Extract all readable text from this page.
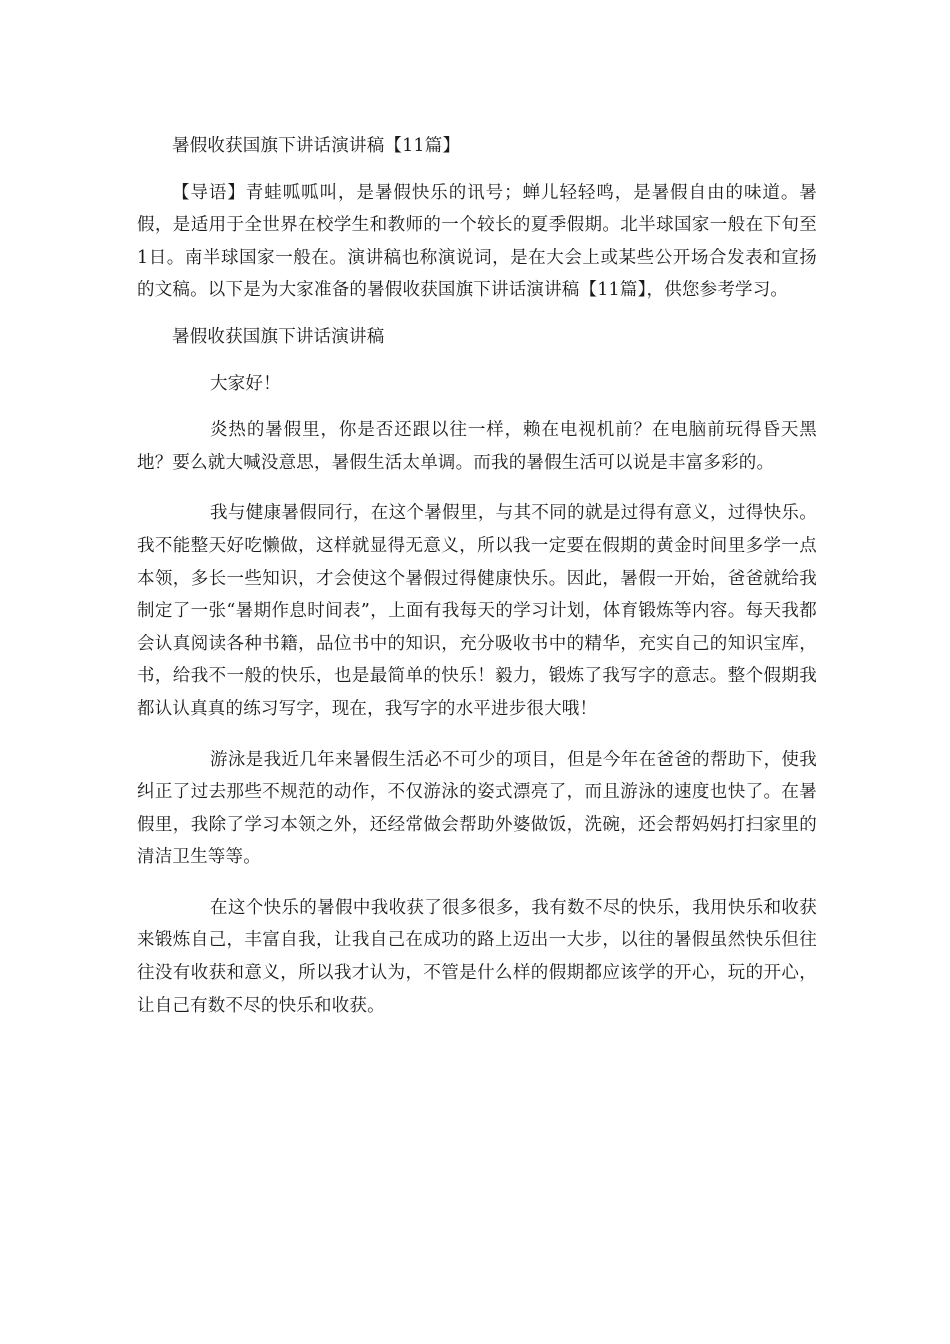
暑假收获国旗下讲话演讲稿【11篇】

【导语】青蛙呱呱叫，是暑假快乐的讯号；蝉儿轻轻鸣，是暑假自由的味道。暑假，是适用于全世界在校学生和教师的一个较长的夏季假期。北半球国家一般在下旬至1日。南半球国家一般在。演讲稿也称演说词，是在大会上或某些公开场合发表和宣扬的文稿。以下是为大家准备的暑假收获国旗下讲话演讲稿【11篇】，供您参考学习。

暑假收获国旗下讲话演讲稿

大家好！

炎热的暑假里，你是否还跟以往一样，赖在电视机前？在电脑前玩得昏天黑地？要么就大喊没意思，暑假生活太单调。而我的暑假生活可以说是丰富多彩的。

我与健康暑假同行，在这个暑假里，与其不同的就是过得有意义，过得快乐。我不能整天好吃懒做，这样就显得无意义，所以我一定要在假期的黄金时间里多学一点本领，多长一些知识，才会使这个暑假过得健康快乐。因此，暑假一开始，爸爸就给我制定了一张“暑期作息时间表”，上面有我每天的学习计划，体育锻炼等内容。每天我都会认真阅读各种书籍，品位书中的知识，充分吸收书中的精华，充实自己的知识宝库，书，给我不一般的快乐，也是最简单的快乐！毅力，锻炼了我写字的意志。整个假期我都认认真真的练习写字，现在，我写字的水平进步很大哦！

游泳是我近几年来暑假生活必不可少的项目，但是今年在爸爸的帮助下，使我纠正了过去那些不规范的动作，不仅游泳的姿式漂亮了，而且游泳的速度也快了。在暑假里，我除了学习本领之外，还经常做会帮助外婆做饭，洗碗，还会帮妈妈打扫家里的清洁卫生等等。

在这个快乐的暑假中我收获了很多很多，我有数不尽的快乐，我用快乐和收获来锻炼自己，丰富自我，让我自己在成功的路上迈出一大步，以往的暑假虽然快乐但往往没有收获和意义，所以我才认为，不管是什么样的假期都应该学的开心，玩的开心，让自己有数不尽的快乐和收获。
